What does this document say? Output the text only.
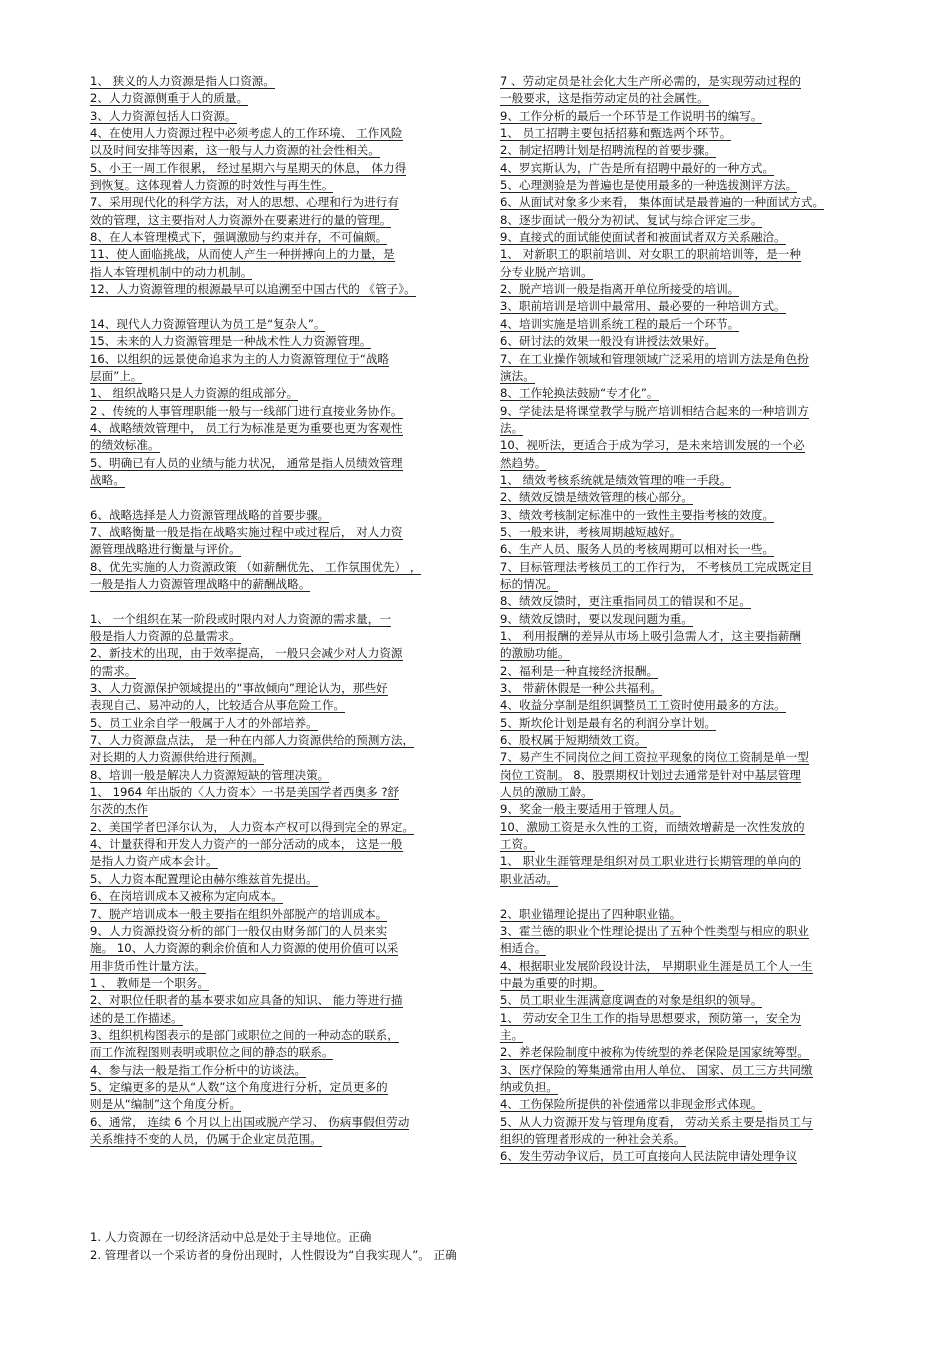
1、 狭义的人力资源是指人口资源。
2、人力资源侧重于人的质量。
3、人力资源包括人口资源。
4、在使用人力资源过程中必须考虑人的工作环境、 工作风险
以及时间安排等因素，这一般与人力资源的社会性相关。
5、小王一周工作很累， 经过星期六与星期天的休息， 体力得
到恢复。这体现着人力资源的时效性与再生性。
7、采用现代化的科学方法，对人的思想、心理和行为进行有
效的管理，这主要指对人力资源外在要素进行的量的管理。
8、在人本管理模式下，强调激励与约束并存，不可偏颇。
11、使人面临挑战，从而使人产生一种拼搏向上的力量，是
指人本管理机制中的动力机制。
12、人力资源管理的根源最早可以追溯至中国古代的 《管子》。
14、现代人力资源管理认为员工是“复杂人”。
15、未来的人力资源管理是一种战术性人力资源管理。
16、以组织的远景使命追求为主的人力资源管理位于“战略
层面”上。
1、 组织战略只是人力资源的组成部分。
2 、传统的人事管理职能一般与一线部门进行直接业务协作。
4、战略绩效管理中， 员工行为标准是更为重要也更为客观性
的绩效标准。
5、明确已有人员的业绩与能力状况， 通常是指人员绩效管理
战略。
6、战略选择是人力资源管理战略的首要步骤。
7、战略衡量一般是指在战略实施过程中或过程后， 对人力资
源管理战略进行衡量与评价。
8、优先实施的人力资源政策 （如薪酬优先、 工作氛围优先） ，
一般是指人力资源管理战略中的薪酬战略。
1、 一个组织在某一阶段或时限内对人力资源的需求量，一
般是指人力资源的总量需求。
2、新技术的出现，由于效率提高， 一般只会减少对人力资源
的需求。
3、人力资源保护领域提出的“事故倾向”理论认为，那些好
表现自己、易冲动的人，比较适合从事危险工作。
5、员工业余自学一般属于人才的外部培养。
7、人力资源盘点法， 是一种在内部人力资源供给的预测方法，
对长期的人力资源供给进行预测。
8、培训一般是解决人力资源短缺的管理决策。
1、 1964 年出版的〈人力资本〉一书是美国学者西奥多 ?舒
尔茨的杰作
2、美国学者巴泽尔认为， 人力资本产权可以得到完全的界定。
4、计量获得和开发人力资产的一部分活动的成本， 这是一般
是指人力资产成本会计。
5、人力资本配置理论由赫尔维兹首先提出。
6、在岗培训成本又被称为定向成本。
7、脱产培训成本一般主要指在组织外部脱产的培训成本。
9、人力资源投资分析的部门一般仅由财务部门的人员来实
施。 10、人力资源的剩余价值和人力资源的使用价值可以采
用非货币性计量方法。
1 、 教师是一个职务。
2、对职位任职者的基本要求如应具备的知识、 能力等进行描
述的是工作描述。
3、组织机构图表示的是部门或职位之间的一种动态的联系，
而工作流程图则表明或职位之间的静态的联系。
4、参与法一般是指工作分析中的访谈法。
5、定编更多的是从“人数”这个角度进行分析，定员更多的
则是从“编制”这个角度分析。
6、通常， 连续 6 个月以上出国或脱产学习、 伤病事假但劳动
关系维持不变的人员，仍属于企业定员范围。
7 、劳动定员是社会化大生产所必需的，是实现劳动过程的
一般要求，这是指劳动定员的社会属性。
9、工作分析的最后一个环节是工作说明书的编写。
1、 员工招聘主要包括招募和甄选两个环节。
2、制定招聘计划是招聘流程的首要步骤。
4、罗宾斯认为，广告是所有招聘中最好的一种方式。
5、心理测验是为普遍也是使用最多的一种选拔测评方法。
6、从面试对象多少来看， 集体面试是最普遍的一种面试方式。
8、逐步面试一般分为初试、复试与综合评定三步。
9、直接式的面试能使面试者和被面试者双方关系融洽。
1、 对新职工的职前培训、对女职工的职前培训等，是一种
分专业脱产培训。
2、脱产培训一般是指离开单位所接受的培训。
3、职前培训是培训中最常用、最必要的一种培训方式。
4、培训实施是培训系统工程的最后一个环节。
6、研讨法的效果一般没有讲授法效果好。
7、在工业操作领域和管理领域广泛采用的培训方法是角色扮
演法。
8、工作轮换法鼓励“专才化”。
9、学徒法是将课堂教学与脱产培训相结合起来的一种培训方
法。
10、视听法，更适合于成为学习，是未来培训发展的一个必
然趋势。
1、 绩效考核系统就是绩效管理的唯一手段。
2、绩效反馈是绩效管理的核心部分。
3、绩效考核制定标准中的一致性主要指考核的效度。
5、一般来讲，考核周期越短越好。
6、生产人员、服务人员的考核周期可以相对长一些。
7、目标管理法考核员工的工作行为， 不考核员工完成既定目
标的情况。
8、绩效反馈时，更注重指同员工的错误和不足。
9、绩效反馈时，要以发现问题为重。
1、 利用报酬的差异从市场上吸引急需人才，这主要指薪酬
的激励功能。
2、福利是一种直接经济报酬。
3、 带薪休假是一种公共福利。
4、收益分享制是组织调整员工工资时使用最多的方法。
5、斯坎伦计划是最有名的利润分享计划。
6、股权属于短期绩效工资。
7、易产生不同岗位之间工资拉平现象的岗位工资制是单一型
岗位工资制。 8、股票期权计划过去通常是针对中基层管理
人员的激励工龄。
9、奖金一般主要适用于管理人员。
10、激励工资是永久性的工资，而绩效增薪是一次性发放的
工资。
1、 职业生涯管理是组织对员工职业进行长期管理的单向的
职业活动。
2、职业锚理论提出了四种职业锚。
3、霍兰德的职业个性理论提出了五种个性类型与相应的职业
相适合。
4、根据职业发展阶段设计法， 早期职业生涯是员工个人一生
中最为重要的时期。
5、员工职业生涯满意度调查的对象是组织的领导。
1、 劳动安全卫生工作的指导思想要求，预防第一，安全为
主。
2、养老保险制度中被称为传统型的养老保险是国家统筹型。
3、医疗保险的筹集通常由用人单位、 国家、员工三方共同缴
纳或负担。
4、工伤保险所提供的补偿通常以非现金形式体现。
5、从人力资源开发与管理角度看， 劳动关系主要是指员工与
组织的管理者形成的一种社会关系。
6、发生劳动争议后，员工可直接向人民法院申请处理争议
1. 人力资源在一切经济活动中总是处于主导地位。正确
2. 管理者以一个采访者的身份出现时，人性假设为“自我实现人”。 正确
